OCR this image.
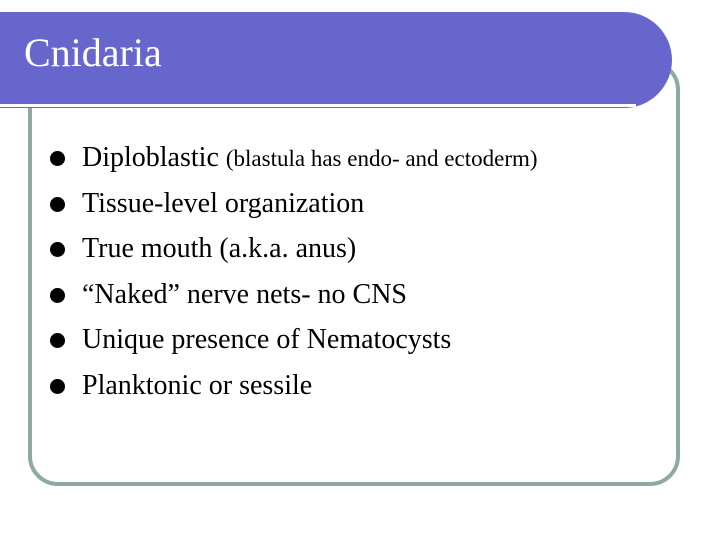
Cnidaria
Diploblastic (blastula has endo- and ectoderm)
Tissue-level organization
True mouth (a.k.a. anus)
“Naked” nerve nets- no CNS
Unique presence of Nematocysts
Planktonic or sessile
